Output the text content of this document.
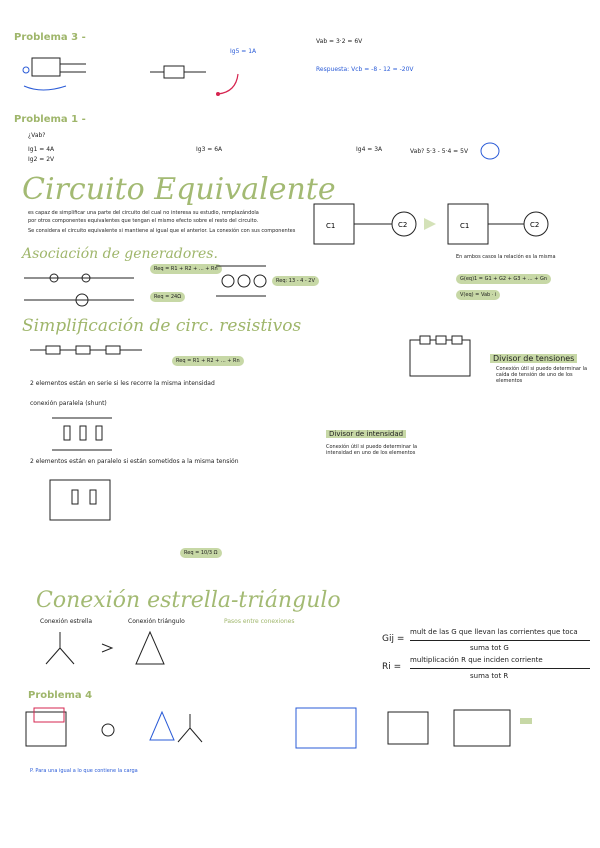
Problema 3 -	Vab = 3·2 = 6V
Ig5 = 1A
Respuesta: Vcb = -8 - 12 = -20V
Problema 1 -
¿Vab?
Ig1 = 4A
Ig2 = 2V
Ig3 = 6A	Ig4 = 3A	Vab? 5·3 - 5·4 = 5V
Circuito Equivalente
es capaz de simplificar una parte del circuito del cual no interesa su estudio, remplazándola
por otros componentes equivalentes que tengan el mismo efecto sobre el resto del circuito.
Se considera el circuito equivalente si mantiene al igual que el anterior. La conexión con sus componentes
C1	C2	C1	C2
Asociación de generadores.
Req = R1 + R2 + ... + Rn
Req = 24Ω
Req: 13 - 4 - 2V
En ambos casos la relación es la misma
G(eq)1 = G1 + G2 + G3 + ... + Gn
V(eq) = Vab · i
Simplificación de circ. resistivos
Req = R1 + R2 + ... + Rn
2 elementos están en serie si les recorre la misma intensidad
Divisor de tensiones
Conexión útil si puedo determinar la caída de tensión de uno de los elementos
conexión paralela (shunt)
Divisor de intensidad
Conexión útil si puedo determinar la intensidad en uno de los elementos
2 elementos están en paralelo si están sometidos a la misma tensión
Req = 10/3 Ω
Conexión estrella-triángulo
Conexión estrella	Conexión triángulo	Pasos entre conexiones
Gij =
mult de las G que llevan las corrientes que toca
suma tot G
Ri =
multiplicación R que inciden corriente
suma tot R
Problema 4
P. Para una igual a lo que contiene la carga
